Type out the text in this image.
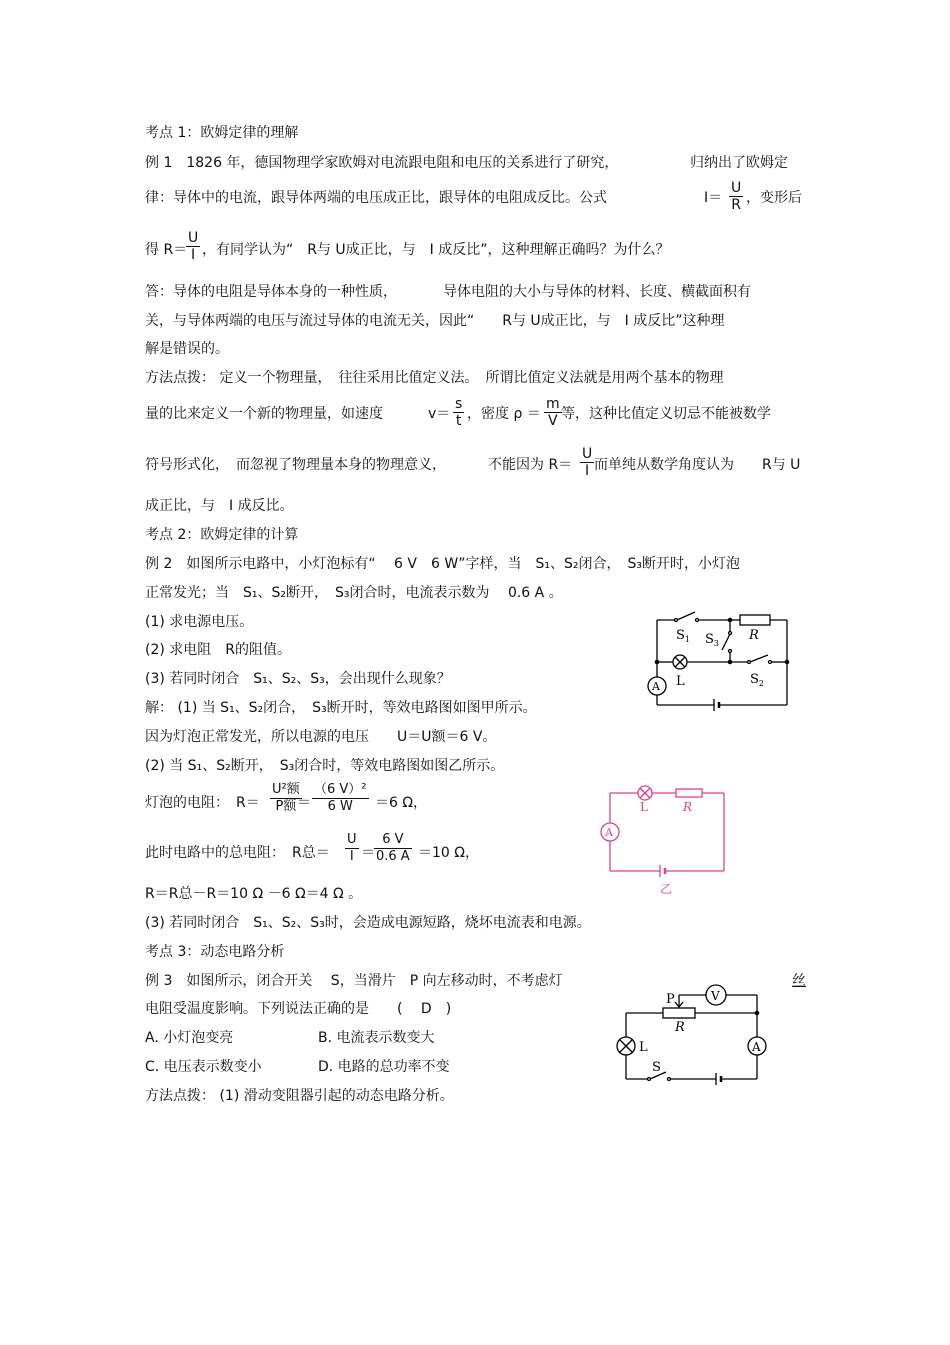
考点 1：欧姆定律的理解
例 1　1826 年，德国物理学家欧姆对电流跟电阻和电压的关系进行了研究，	归纳出了欧姆定
律：导体中的电流，跟导体两端的电压成正比，跟导体的电阻成反比。公式	$I= \frac{U}{R}$ ，变形后
得 R＝
$\frac{U}{I}$ ，有同学认为“　R与 U成正比，与　I 成反比”，这种理解正确吗？为什么？
答：导体的电阻是导体本身的一种性质，	导体电阻的大小与导体的材料、长度、横截面积有
关，与导体两端的电压与流过导体的电流无关，因此“　　R与 U成正比，与　I 成反比”这种理
解是错误的。
方法点拨： 定义一个物理量，　往往采用比值定义法。　所谓比值定义法就是用两个基本的物理
量的比来定义一个新的物理量，如速度	$v= \frac{s}{t}$ ，密度 $\rho = \frac{m}{V}$ 等，这种比值定义切忌不能被数学
符号形式化，　而忽视了物理量本身的物理意义，	不能因为 $R= \frac{U}{I}$ 而单纯从数学角度认为　　R与 U
成正比，与　I 成反比。
考点 2：欧姆定律的计算
例 2　如图所示电路中，小灯泡标有“　 6 V　6 W”字样，当　S₁、S₂闭合，　S₃断开时，小灯泡
正常发光；当　S₁、S₂断开，　S₃闭合时，电流表示数为　 0.6 A 。
(1) 求电源电压。
(2) 求电阻　R的阻值。
(3) 若同时闭合　S₁、S₂、S₃，会出现什么现象？
解： (1) 当 S₁、S₂闭合，　S₃断开时，等效电路图如图甲所示。
因为灯泡正常发光，所以电源的电压　　U＝U额＝6 V。
(2) 当 S₁、S₂断开，　S₃闭合时，等效电路图如图乙所示。
灯泡的电阻：　R＝
U²额
P额 ＝ $\frac{\text{（6 V）²}}{6 W} =6$ Ω，
此时电路中的总电阻：　R总＝ $\frac{U}{I} = \frac{6 V}{0.6 A} =10$ Ω，
R＝R总－R＝10 Ω －6 Ω＝4 Ω 。
(3) 若同时闭合　S₁、S₂、S₃时，会造成电源短路，烧坏电流表和电源。
考点 3：动态电路分析
例 3　如图所示，闭合开关　 S，当滑片　P 向左移动时，不考虑灯	丝
电阻受温度影响。下列说法正确的是　　(　 D　)
A. 小灯泡变亮	B. 电流表示数变大
C. 电压表示数变小	D. 电路的总功率不变
方法点拨： (1) 滑动变阻器引起的动态电路分析。
$S_1$ $S_3$
R
L	$S_2$
A
L	R
A
乙
P
R
V
L	A
S
